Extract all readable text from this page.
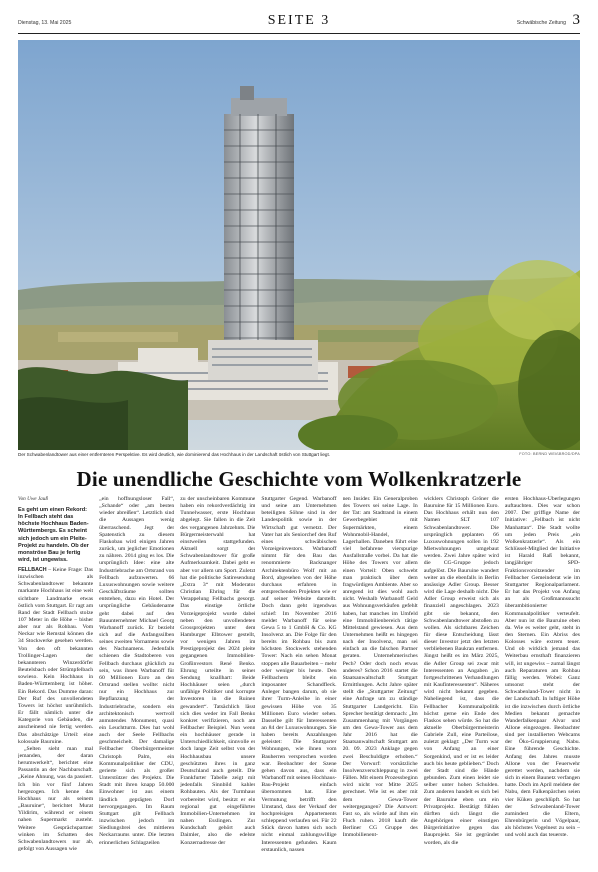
Dienstag, 13. Mai 2025	SEITE 3	Schwäbische Zeitung 3
Der Schwabenlandtower aus einer entfernteren Perspektive. Es wird deutlich, wie dominierend das Hochhaus in der Landschaft östlich von Stuttgart liegt.	FOTO: BERND WEIßBROD/DPA
Die unendliche Geschichte vom Wolkenkratzerle
Von Uwe Jauß
Es geht um einen Rekord: In Fellbach steht das höchste Hochhaus Baden-Württembergs. Es scheint sich jedoch um ein Pleite-Projekt zu handeln. Ob der monströse Bau je fertig wird, ist ungewiss.

FELLBACH – Keine Frage: Das inzwischen als Schwabenlandtower bekannte markante Hochhaus ist eine weit sichtbare Landmarke etwas östlich vom Stuttgart. Er ragt am Rand der Stadt Fellbach stolze 107 Meter in die Höhe – bisher aber nur als Rohbau. Vom Neckar wie Remstal können die 34 Stockwerke gesehen werden. Von den oft bekannten Trollinger-Lagen der bekannteren Winzerdörfer Beutelsbach oder Strümpfelbach sowieso. Kein Hochhaus in Baden-Württemberg ist höher. Ein Rekord. Das Dumme daran: Der Ruf des unvollendeten Towers ist höchst unrühmlich. Er fällt nämlich unter die Kategorie von Gebäuden, die anscheinend nie fertig werden. Das abschätzige Urteil: eine kolossale Bauruine.

„Selten sieht man mal jemanden, der daran herumwerkelt“, berichtet eine Passantin an der Nachbarschaft. „Keine Ahnung, was da passiert. Ich bin vor fünf Jahren hergezogen. Ich kenne das Hochhaus nur als seinem „Bauruine“, berichtet Murat Yildirim, während er einem nahen Supermarkt zusteht. Weitere Gesprächspartner winken im Schatten des Schwabenlandtowers nur ab, gefolgt von Aussagen wie

„ein hoffnungsloser Fall“, „Schande“ oder „am besten wieder abreißen“. Letztlich sind die Aussagen wenig überraschend. Jegt der Spatenstich zu diesem Flaskobau wird einigen Jahren zurück, um jeglicher Emotionen zu nähren. 2014 ging es los. Die ursprünglich Idee: eine alte Industriebrache am Ortsrand von Fellbach aufzuwerten. 66 Luxuswohnungen sowie weitere Geschäftsräume sollten entstehen, dazu ein Hotel. Der ursprüngliche Gebäudename geht dabei auf den Bauunternehmer Michael Georg Warbanoff zurück. Er bezieht sich auf die Anfangssilben seines zweiten Vornamens sowie des Nachnamens. Jedenfalls schienen die Stadtoberen von Fellbach durchaus glücklich zu sein, was ihnen Warbanoff für 60 Millionen Euro an den Ortsrand stellen wollte: nicht nur ein Hochhaus zur Bepflanzung der Industriebrache, sondern ein architektonisch wertvoll anmutendes Monument, quasi ein Leuchtturm. Dies hat wohl auch der Seele Fellbachs geschmeichelt. Der damalige Fellbacher Oberbürgermeister Christoph Palm, ein Kommunalpolitiker der CDU, gerierte sich als großer Unterstützer des Projekts. Die Stadt mit ihren knapp 50.000 Einwohner ist aus einem ländlich geprägten Dorf hervorgegangen. Im Raum Stuttgart gilt Fellbach inzwischen jedoch im Siedlungsbrei des mittleren Neckarraums unter. Die letzten erinnerlichen Schlagzeilen

zu der unscheinbaren Kommune haben ein rekordverdächtig im Tunnelwasser, erste Hochhaus abgelegt. Sie fallen in die Zeit des vergangenen Jahrzehnts. Die Bürgermeisterwahl hat einstweilen stattgefunden. Aktuell sorgt der Schwabenlandtower für große Aufmerksamkeit. Dabei geht es aber vor allem um Sport. Zuletzt hat die politische Satiresendung „Extra 3“ mit Moderator Christian Ehring für die Verappelung Fellbachs gesorgt. Das einstige örtliche Vorzeigeprojekt wurde dabei neben den unvollendeten Grossprojekten unter dem Hamburger Elbtower gestellt, vor wenigen Jahren im Prestigeprojekt des 2024 pleite gegangenen Immobilien-Großinvestors René Benko. Ehrung urteilte in seiner Sendung knallhart: Beide Hochhäuser seien „durch unfähige Politiker und korrupte Investoren in die Ruinen gewandert“. Tatsächlich lässt sich dies weder im Fall Benko konkret verifizieren, noch am Fellbacher Beispiel. Nun wenn ein hochhäuser gerade in Unterschiedlichkeit, sinnvolle er doch lange Zeit selbst von der Hochhausbau unsere geschützten ihres in ganz Deutschland auch geteilt. Die Frankfurter Tabelle zeigt mit jedenfalls Sinnbild kahler Rohbauten. Als der Turmhaus vorbereitet wird, besitzt er ein regional gut eingeführtes Immobilien-Unternehmen im nahen Esslingen. Zur Kundschaft gehört auch Daimler, also die edelste Konzernadresse der

Stuttgarter Gegend. Warbanoff und seine am Unternehmen beteiligten Söhne sind in der Landespolitik sowie in der Wirtschaft gut vernetzt. Der Vater hat als Seniorchef den Ruf eines schwäbischen Vorzeigeinvestors. Warbanoff nimmt für den Bau das renommierte Backnanger Architektenbüro Wolf mit an Bord, abgesehen von der Höhe durchaus erfahren in entsprechenden Projekten wie er auf seiner Website darstellt. Doch dann geht irgendwas schief: Im November 2016 meldet Warbanoff für seine Gewa 5 to 1 GmbH & Co. KG Insolvenz an. Die Folge für den bereits im Rohbau bis zum höchsten Stockwerk stehenden Tower: Nach ein sehen Monat stoppen alle Bauarbeiten – mehr oder weniger bis heute. Den Fellbachern bleibt ein imposanter Schandfleck. Anleger bangen darum, ob sie ihrer Turm-Anleihe in einer gewissen Höhe von 35 Millionen Euro wieder sehen. Dasselbe gilt für Interessenten an 84 der Luxuswohnungen. Sie haben bereits Anzahlungen geleistet: Die Stuttgarter Wohnungen, wie ihnen vom Bauherren versprochen worden war. Beobachter der Szene gehen davon aus, dass ein Warbanoff mit seinen Hochhaus-Bau-Projekt einfach übernommen hat. Eine Vermutung betrifft den Umstand, dass der Verkauf der hochpreisigen Appartements schleppend verlaufen sei. Für 22 Stück davon hatten sich noch nicht einmal zahlungswillige Interessenten gefunden. Kaum erstaunlich, nassen

nen Insider. Ein Generalproben des Towers sei seine Lage. In der Tat: am Stadtrand in einem Gewerbegebiet mit Supermärkten, einem Wohnmobil-Handel, Lagerhallen. Daneben führt eine viel befahrene vierspurige Ausfallstraße vorbei. Da hat die Höhe des Towers vor allem einen Vorteil: Oben schwebt man praktisch über dem fragwürdigen Ambiente. Aber so anregend ist dies wohl auch nicht. Weshalb Warbanoff Geld aus Wohnungsverkäufen gefehlt haben, hat manches im Umfeld eine Immobilienbereich tätige Mittelstand gewiesen. Aus dem Unternehmen heißt es hingegen nach der Insolvenz, man sei einfach an die falschen Partner geraten. Unternehmerisches Pech? Oder doch noch etwas anderes? Schon 2016 startet die Staatsanwaltschaft Stuttgart Ermittlungen. Acht Jahre später stellt die „Stuttgarter Zeitung“ eine Anfrage um zu ständige Stuttgarter Landgericht. Ein Sprecher bestätigt demnach: „Im Zusammenhang mit Vorgängen um den Gewa-Tower aus dem Jahr 2016 hat die Staatsanwaltschaft Stuttgart am 20. 09. 2023 Anklage gegen zwei Beschuldigte erhoben.“ Der Vorwurf: vorsätzliche Insolvenzverschleppung in zwei Fällen. Mit einem Prozessbeginn wird nicht vor Mitte 2025 gerechnet. Wie ist es aber mit dem Gewa-Tower weitergegangen? Die Antwort: Fast so, als würde auf ihm ein Fluch ruhen. 2018 kauft die Berliner CG Gruppe des Immobilienent-

wicklers Christoph Gröner die Bauruine für 15 Millionen Euro. Das Hochhaus erhält nun den Namen SLT 107 Schwabenlandtower. Die ursprünglich geplanten 66 Luxuswohnungen sollen in 192 Mietwohnungen umgebaut werden. Zwei Jahre später wird die CG-Gruppe jedoch aufgelöst. Die Bauruine wandert weiter an die ebenfalls in Berlin ansässige Adler Group. Besser wird die Lage deshalb nicht. Die Adler Group erweist sich als finanziell angeschlagen. 2023 gibt sie bekannt, den Schwabenlandtower abstoßen zu wollen. Als sichtbares Zeichen für diese Entscheidung lässt dieser Investor jetzt den letzten verbliebenen Baukran entfernen. Jüngst heißt es im März 2025, die Adler Group sei zwar mit Interessenten an Angaben „in fortgeschrittenen Verhandlungen mit Kaufinteressenten“. Näheres wird nicht bekannt gegeben. Naheliegend ist, dass die Fellbacher Kommunalpolitik höchst gerne ein Ende des Flaskos sehen würde. So hat die aktuelle Oberbürgermeisterin Gabriele Zull, eine Parteilose, zuletzt geklagt: „Der Turm war von Anfang an einer Sorgenkind, und er ist es leider auch bis heute geblieben.“ Doch der Stadt sind die Hände gebunden. Zum einen leidet sie selber unter hohen Schulden. Zum anderen handelt es sich bei der Bauruine eben um ein Privatprojekt. Bestätigt fühlen dürften sich längst die Angehörigen einer einstigen Bürgerinitiative gegen das Bauprojekt. Sie ist gegründet worden, als die

ersten Hochhaus-Überlegungen auftauchten. Dies war schon 2007. Der griffige Name der Initiative: „Fellbach ist nicht Manhattan“. Die Stadt wollte um jeden Preis „ein Wolkenkratzerle“. Als ein Schlüssel-Mitglied der Initiative ist Harald Raß bekannt, langjähriger SPD-Fraktionsvorsitzender im Fellbacher Gemeinderat wie im Stuttgarter Regionalparlament. Er hat das Projekt von Anfang an als Großmannssucht überambitionierter Kommunalpolitiker verteufelt. Aber nun ist die Bauruine eben da. Wie es weiter geht, steht in den Sternen. Ein Abriss des Kolosses wäre extrem teuer. Und ob wirklich jemand das Weiterbau ernsthaft finanzieren will, ist ungewiss – zumal längst auch Reparaturen am Rohbau fällig werden. Wobei: Ganz umsonst steht der Schwabenland-Tower nicht in der Landschaft. In luftiger Höhe ist die inzwischen durch örtliche Medien bekannt gemachte Wanderfalkenpaar Alvar und Allone eingezogen. Beobachter sind per installierten Webcams der Öko-Gruppierung Nabu. Eine führende Geschichte. Anfang des Jahres musste Allone von der Feuerwehr gerettet werden, nachdem sie sich in einem Baunetz verfangen hatte. Doch im April meldete der Nabu, dem Falkenpärchen seien vier Küken geschlüpft. So hat der Schwabenland-Tower zumindest die Eltern, Ehrenbürgerin und Vögelpaar, als höchstes Vogelnest zu sein – und wohl auch das teuerste.
